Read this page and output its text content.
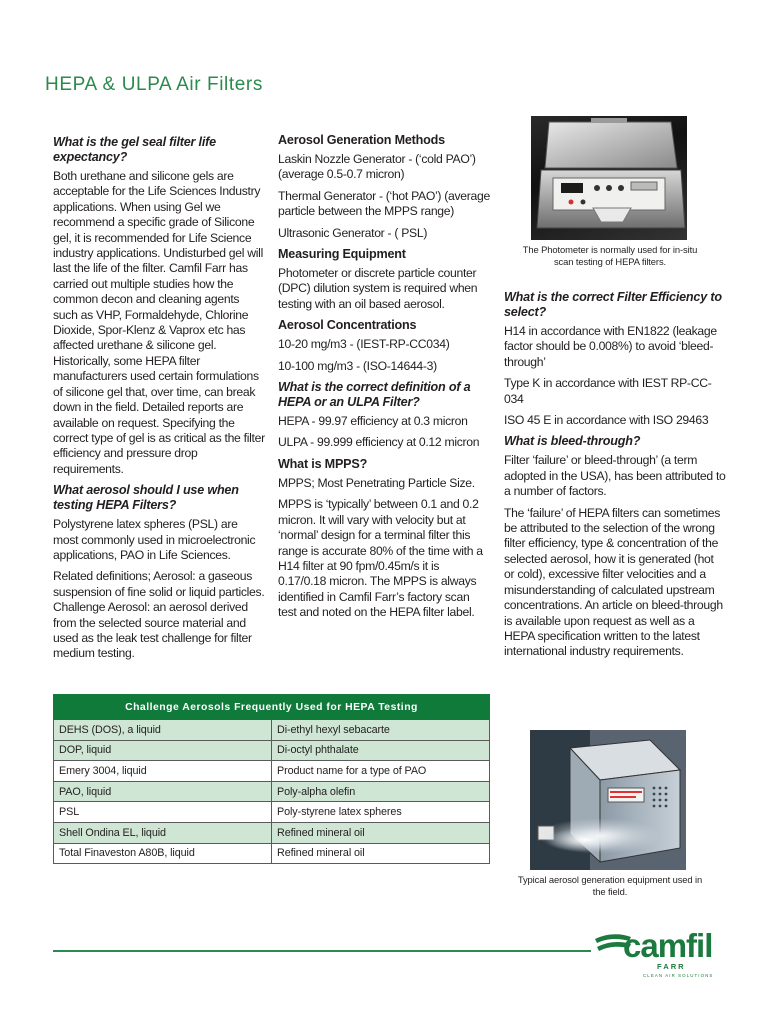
HEPA & ULPA Air Filters
What is the gel seal filter life expectancy?

Both urethane and silicone gels are acceptable for the Life Sciences Industry applications. When using Gel we recommend a specific grade of Silicone gel, it is recommended for Life Science industry applications. Undisturbed gel will last the life of the filter. Camfil Farr has carried out multiple studies how the common decon and cleaning agents such as VHP, Formaldehyde, Chlorine Dioxide, Spor-Klenz & Vaprox etc has affected urethane & silicone gel. Historically, some HEPA filter manufacturers used certain formulations of silicone gel that, over time, can break down in the field. Detailed reports are available on request. Specifying the correct type of gel is as critical as the filter efficiency and pressure drop requirements.

What aerosol should I use when testing HEPA Filters?

Polystyrene latex spheres (PSL) are most commonly used in microelectronic applications, PAO in Life Sciences.

Related definitions; Aerosol: a gaseous suspension of fine solid or liquid particles. Challenge Aerosol: an aerosol derived from the selected source material and used as the leak test challenge for filter medium testing.

Aerosol Generation Methods

Laskin Nozzle Generator - (‘cold PAO’) (average 0.5-0.7 micron)

Thermal Generator - (‘hot PAO’) (average particle between the MPPS range)

Ultrasonic Generator - ( PSL)

Measuring Equipment

Photometer or discrete particle counter (DPC) dilution system is required when testing with an oil based aerosol.

Aerosol Concentrations

10-20 mg/m3 - (IEST-RP-CC034)

10-100 mg/m3 - (ISO-14644-3)

What is the correct definition of a HEPA or an ULPA Filter?

HEPA - 99.97 efficiency at 0.3 micron

ULPA - 99.999 efficiency at 0.12 micron

What is MPPS?

MPPS; Most Penetrating Particle Size.

MPPS is ‘typically’ between 0.1 and 0.2 micron. It will vary with velocity but at ‘normal’ design for a terminal filter this range is accurate 80% of the time with a H14 filter at 90 fpm/0.45m/s it is 0.17/0.18 micron. The MPPS is always identified in Camfil Farr’s factory scan test and noted on the HEPA filter label.

The Photometer is normally used for in-situ scan testing of HEPA filters.
What is the correct Filter Efficiency to select?

H14 in accordance with EN1822 (leakage factor should be 0.008%) to avoid ‘bleed-through’

Type K in accordance with IEST RP-CC-034

ISO 45 E in accordance with ISO 29463

What is bleed-through?

Filter ‘failure’ or bleed-through’ (a term adopted in the USA), has been attributed to a number of factors.

The ‘failure’ of HEPA filters can sometimes be attributed to the selection of the wrong filter efficiency, type & concentration of the selected aerosol, how it is generated (hot or cold), excessive filter velocities and a misunderstanding of calculated upstream concentrations. An article on bleed-through is available upon request as well as a HEPA specification written to the latest international industry requirements.

Typical aerosol generation equipment used in the field.
Challenge Aerosols Frequently Used for HEPA Testing	
DEHS (DOS), a liquid	Di-ethyl hexyl sebacarte
DOP, liquid	Di-octyl phthalate
Emery 3004, liquid	Product name for a type of PAO
PAO, liquid	Poly-alpha olefin
PSL	Poly-styrene latex spheres
Shell Ondina EL, liquid	Refined mineral oil
Total Finaveston A80B, liquid	Refined mineral oil
camfil
FARR
CLEAN AIR SOLUTIONS
